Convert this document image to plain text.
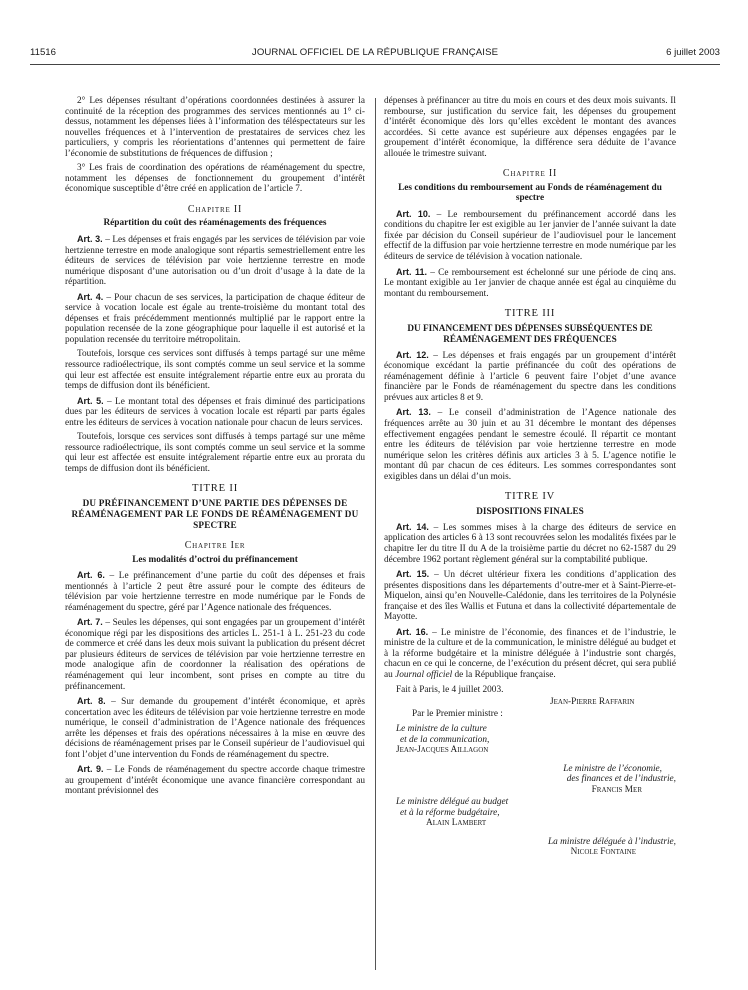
11516	JOURNAL OFFICIEL DE LA RÉPUBLIQUE FRANÇAISE	6 juillet 2003

2° Les dépenses résultant d’opérations coordonnées destinées à assurer la continuité de la réception des programmes des services mentionnés au 1° ci-dessus, notamment les dépenses liées à l’information des téléspectateurs sur les nouvelles fréquences et à l’intervention de prestataires de services chez les particuliers, y compris les réorientations d’antennes qui permettent de faire l’économie de substitutions de fréquences de diffusion ;

3° Les frais de coordination des opérations de réaménagement du spectre, notamment les dépenses de fonctionnement du groupement d’intérêt économique susceptible d’être créé en application de l’article 7.

Chapitre II
Répartition du coût des réaménagements des fréquences

Art. 3. – Les dépenses et frais engagés par les services de télévision par voie hertzienne terrestre en mode analogique sont répartis semestriellement entre les éditeurs de services de télévision par voie hertzienne terrestre en mode numérique disposant d’une autorisation ou d’un droit d’usage à la date de la répartition.

Art. 4. – Pour chacun de ses services, la participation de chaque éditeur de service à vocation locale est égale au trente-troisième du montant total des dépenses et frais précédemment mentionnés multiplié par le rapport entre la population recensée de la zone géographique pour laquelle il est autorisé et la population recensée du territoire métropolitain.

Toutefois, lorsque ces services sont diffusés à temps partagé sur une même ressource radioélectrique, ils sont comptés comme un seul service et la somme qui leur est affectée est ensuite intégralement répartie entre eux au prorata du temps de diffusion dont ils bénéficient.

Art. 5. – Le montant total des dépenses et frais diminué des participations dues par les éditeurs de services à vocation locale est réparti par parts égales entre les éditeurs de services à vocation nationale pour chacun de leurs services.

Toutefois, lorsque ces services sont diffusés à temps partagé sur une même ressource radioélectrique, ils sont comptés comme un seul service et la somme qui leur est affectée est ensuite intégralement répartie entre eux au prorata du temps de diffusion dont ils bénéficient.

TITRE II
DU PRÉFINANCEMENT D’UNE PARTIE DES DÉPENSES DE RÉAMÉNAGEMENT PAR LE FONDS DE RÉAMÉNAGEMENT DU SPECTRE
Chapitre Ier
Les modalités d’octroi du préfinancement

Art. 6. – Le préfinancement d’une partie du coût des dépenses et frais mentionnés à l’article 2 peut être assuré pour le compte des éditeurs de télévision par voie hertzienne terrestre en mode numérique par le Fonds de réaménagement du spectre, géré par l’Agence nationale des fréquences.

Art. 7. – Seules les dépenses, qui sont engagées par un groupement d’intérêt économique régi par les dispositions des articles L. 251-1 à L. 251-23 du code de commerce et créé dans les deux mois suivant la publication du présent décret par plusieurs éditeurs de services de télévision par voie hertzienne terrestre en mode analogique afin de coordonner la réalisation des opérations de réaménagement qui leur incombent, sont prises en compte au titre du préfinancement.

Art. 8. – Sur demande du groupement d’intérêt économique, et après concertation avec les éditeurs de télévision par voie hertzienne terrestre en mode numérique, le conseil d’administration de l’Agence nationale des fréquences arrête les dépenses et frais des opérations nécessaires à la mise en œuvre des décisions de réaménagement prises par le Conseil supérieur de l’audiovisuel qui font l’objet d’une intervention du Fonds de réaménagement du spectre.

Art. 9. – Le Fonds de réaménagement du spectre accorde chaque trimestre au groupement d’intérêt économique une avance financière correspondant au montant prévisionnel des

dépenses à préfinancer au titre du mois en cours et des deux mois suivants. Il rembourse, sur justification du service fait, les dépenses du groupement d’intérêt économique dès lors qu’elles excèdent le montant des avances accordées. Si cette avance est supérieure aux dépenses engagées par le groupement d’intérêt économique, la différence sera déduite de l’avance allouée le trimestre suivant.

Chapitre II
Les conditions du remboursement au Fonds de réaménagement du spectre

Art. 10. – Le remboursement du préfinancement accordé dans les conditions du chapitre Ier est exigible au 1er janvier de l’année suivant la date fixée par décision du Conseil supérieur de l’audiovisuel pour le lancement effectif de la diffusion par voie hertzienne terrestre en mode numérique par les éditeurs de service de télévision à vocation nationale.

Art. 11. – Ce remboursement est échelonné sur une période de cinq ans. Le montant exigible au 1er janvier de chaque année est égal au cinquième du montant du remboursement.

TITRE III
DU FINANCEMENT DES DÉPENSES SUBSÉQUENTES DE RÉAMÉNAGEMENT DES FRÉQUENCES

Art. 12. – Les dépenses et frais engagés par un groupement d’intérêt économique excédant la partie préfinancée du coût des opérations de réaménagement définie à l’article 6 peuvent faire l’objet d’une avance financière par le Fonds de réaménagement du spectre dans les conditions prévues aux articles 8 et 9.

Art. 13. – Le conseil d’administration de l’Agence nationale des fréquences arrête au 30 juin et au 31 décembre le montant des dépenses effectivement engagées pendant le semestre écoulé. Il répartit ce montant entre les éditeurs de télévision par voie hertzienne terrestre en mode numérique selon les critères définis aux articles 3 à 5. L’agence notifie le montant dû par chacun de ces éditeurs. Les sommes correspondantes sont exigibles dans un délai d’un mois.

TITRE IV
DISPOSITIONS FINALES

Art. 14. – Les sommes mises à la charge des éditeurs de service en application des articles 6 à 13 sont recouvrées selon les modalités fixées par le chapitre Ier du titre II du A de la troisième partie du décret no 62-1587 du 29 décembre 1962 portant règlement général sur la comptabilité publique.

Art. 15. – Un décret ultérieur fixera les conditions d’application des présentes dispositions dans les départements d’outre-mer et à Saint-Pierre-et-Miquelon, ainsi qu’en Nouvelle-Calédonie, dans les territoires de la Polynésie française et des îles Wallis et Futuna et dans la collectivité départementale de Mayotte.

Art. 16. – Le ministre de l’économie, des finances et de l’industrie, le ministre de la culture et de la communication, le ministre délégué au budget et à la réforme budgétaire et la ministre déléguée à l’industrie sont chargés, chacun en ce qui le concerne, de l’exécution du présent décret, qui sera publié au Journal officiel de la République française.

Fait à Paris, le 4 juillet 2003.

Jean-Pierre Raffarin

Par le Premier ministre :

Le ministre de la culture

et de la communication,

Jean-Jacques Aillagon

Le ministre de l’économie,

des finances et de l’industrie,

Francis Mer

Le ministre délégué au budget

et à la réforme budgétaire,

Alain Lambert

La ministre déléguée à l’industrie,

Nicole Fontaine
